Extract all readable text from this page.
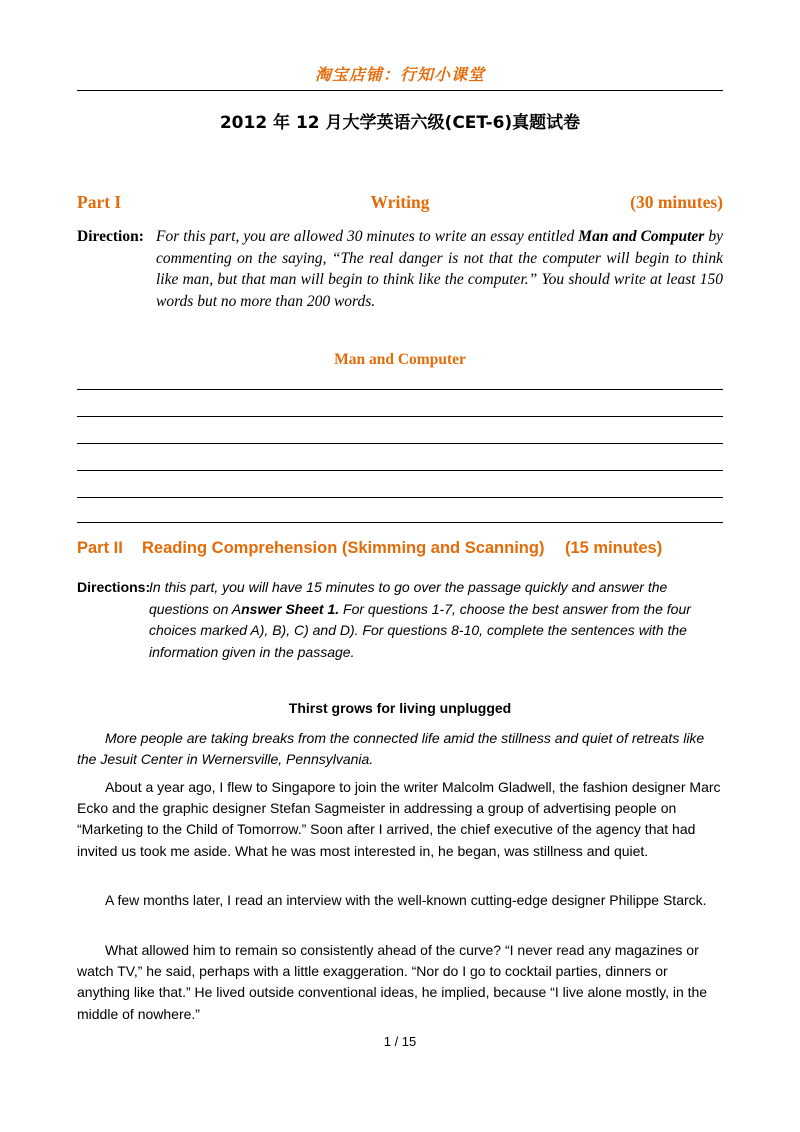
淘宝店铺：行知小课堂
2012 年 12 月大学英语六级(CET-6)真题试卷
Part I	Writing	(30 minutes)
Direction: For this part, you are allowed 30 minutes to write an essay entitled Man and Computer by commenting on the saying, “The real danger is not that the computer will begin to think like man, but that man will begin to think like the computer.” You should write at least 150 words but no more than 200 words.
Man and Computer
Part II Reading Comprehension (Skimming and Scanning) (15 minutes)
Directions:
In this part, you will have 15 minutes to go over the passage quickly and answer the questions on Answer Sheet 1. For questions 1-7, choose the best answer from the four choices marked A), B), C) and D). For questions 8-10, complete the sentences with the information given in the passage.
Thirst grows for living unplugged

More people are taking breaks from the connected life amid the stillness and quiet of retreats like the Jesuit Center in Wernersville, Pennsylvania.

About a year ago, I flew to Singapore to join the writer Malcolm Gladwell, the fashion designer Marc Ecko and the graphic designer Stefan Sagmeister in addressing a group of advertising people on “Marketing to the Child of Tomorrow.” Soon after I arrived, the chief executive of the agency that had invited us took me aside. What he was most interested in, he began, was stillness and quiet.

A few months later, I read an interview with the well-known cutting-edge designer Philippe Starck.

What allowed him to remain so consistently ahead of the curve? “I never read any magazines or watch TV,” he said, perhaps with a little exaggeration. “Nor do I go to cocktail parties, dinners or anything like that.” He lived outside conventional ideas, he implied, because “I live alone mostly, in the middle of nowhere.”

1 / 15
